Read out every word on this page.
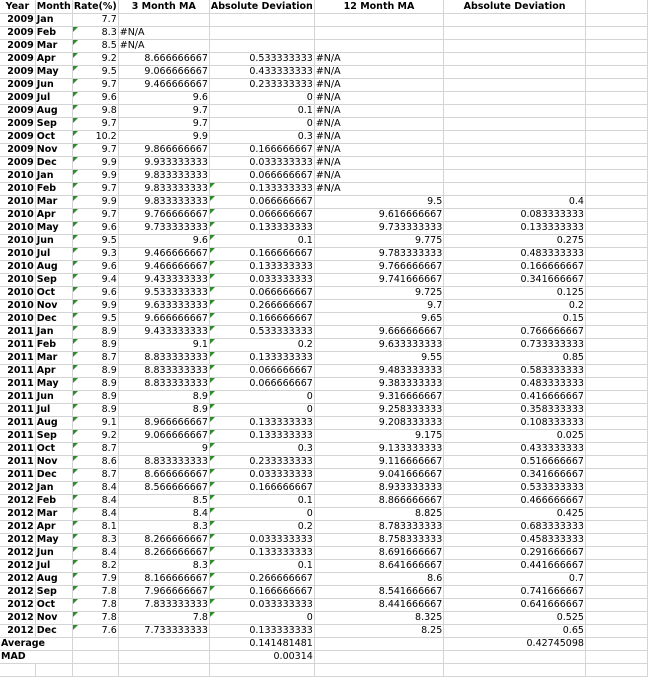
Year	Month	Rate(%)	3 Month MA	Absolute Deviation	12 Month MA	Absolute Deviation	
2009	Jan	7.7					
2009	Feb	8.3	#N/A				
2009	Mar	8.5	#N/A				
2009	Apr	9.2	8.666666667	0.533333333	#N/A		
2009	May	9.5	9.066666667	0.433333333	#N/A		
2009	Jun	9.7	9.466666667	0.233333333	#N/A		
2009	Jul	9.6	9.6	0	#N/A		
2009	Aug	9.8	9.7	0.1	#N/A		
2009	Sep	9.7	9.7	0	#N/A		
2009	Oct	10.2	9.9	0.3	#N/A		
2009	Nov	9.7	9.866666667	0.166666667	#N/A		
2009	Dec	9.9	9.933333333	0.033333333	#N/A		
2010	Jan	9.9	9.833333333	0.066666667	#N/A		
2010	Feb	9.7	9.833333333	0.133333333	#N/A		
2010	Mar	9.9	9.833333333	0.066666667	9.5	0.4	
2010	Apr	9.7	9.766666667	0.066666667	9.616666667	0.083333333	
2010	May	9.6	9.733333333	0.133333333	9.733333333	0.133333333	
2010	Jun	9.5	9.6	0.1	9.775	0.275	
2010	Jul	9.3	9.466666667	0.166666667	9.783333333	0.483333333	
2010	Aug	9.6	9.466666667	0.133333333	9.766666667	0.166666667	
2010	Sep	9.4	9.433333333	0.033333333	9.741666667	0.341666667	
2010	Oct	9.6	9.533333333	0.066666667	9.725	0.125	
2010	Nov	9.9	9.633333333	0.266666667	9.7	0.2	
2010	Dec	9.5	9.666666667	0.166666667	9.65	0.15	
2011	Jan	8.9	9.433333333	0.533333333	9.666666667	0.766666667	
2011	Feb	8.9	9.1	0.2	9.633333333	0.733333333	
2011	Mar	8.7	8.833333333	0.133333333	9.55	0.85	
2011	Apr	8.9	8.833333333	0.066666667	9.483333333	0.583333333	
2011	May	8.9	8.833333333	0.066666667	9.383333333	0.483333333	
2011	Jun	8.9	8.9	0	9.316666667	0.416666667	
2011	Jul	8.9	8.9	0	9.258333333	0.358333333	
2011	Aug	9.1	8.966666667	0.133333333	9.208333333	0.108333333	
2011	Sep	9.2	9.066666667	0.133333333	9.175	0.025	
2011	Oct	8.7	9	0.3	9.133333333	0.433333333	
2011	Nov	8.6	8.833333333	0.233333333	9.116666667	0.516666667	
2011	Dec	8.7	8.666666667	0.033333333	9.041666667	0.341666667	
2012	Jan	8.4	8.566666667	0.166666667	8.933333333	0.533333333	
2012	Feb	8.4	8.5	0.1	8.866666667	0.466666667	
2012	Mar	8.4	8.4	0	8.825	0.425	
2012	Apr	8.1	8.3	0.2	8.783333333	0.683333333	
2012	May	8.3	8.266666667	0.033333333	8.758333333	0.458333333	
2012	Jun	8.4	8.266666667	0.133333333	8.691666667	0.291666667	
2012	Jul	8.2	8.3	0.1	8.641666667	0.441666667	
2012	Aug	7.9	8.166666667	0.266666667	8.6	0.7	
2012	Sep	7.8	7.966666667	0.166666667	8.541666667	0.741666667	
2012	Oct	7.8	7.833333333	0.033333333	8.441666667	0.641666667	
2012	Nov	7.8	7.8	0	8.325	0.525	
2012	Dec	7.6	7.733333333	0.133333333	8.25	0.65	
Average				0.141481481		0.42745098	
MAD				0.00314			
